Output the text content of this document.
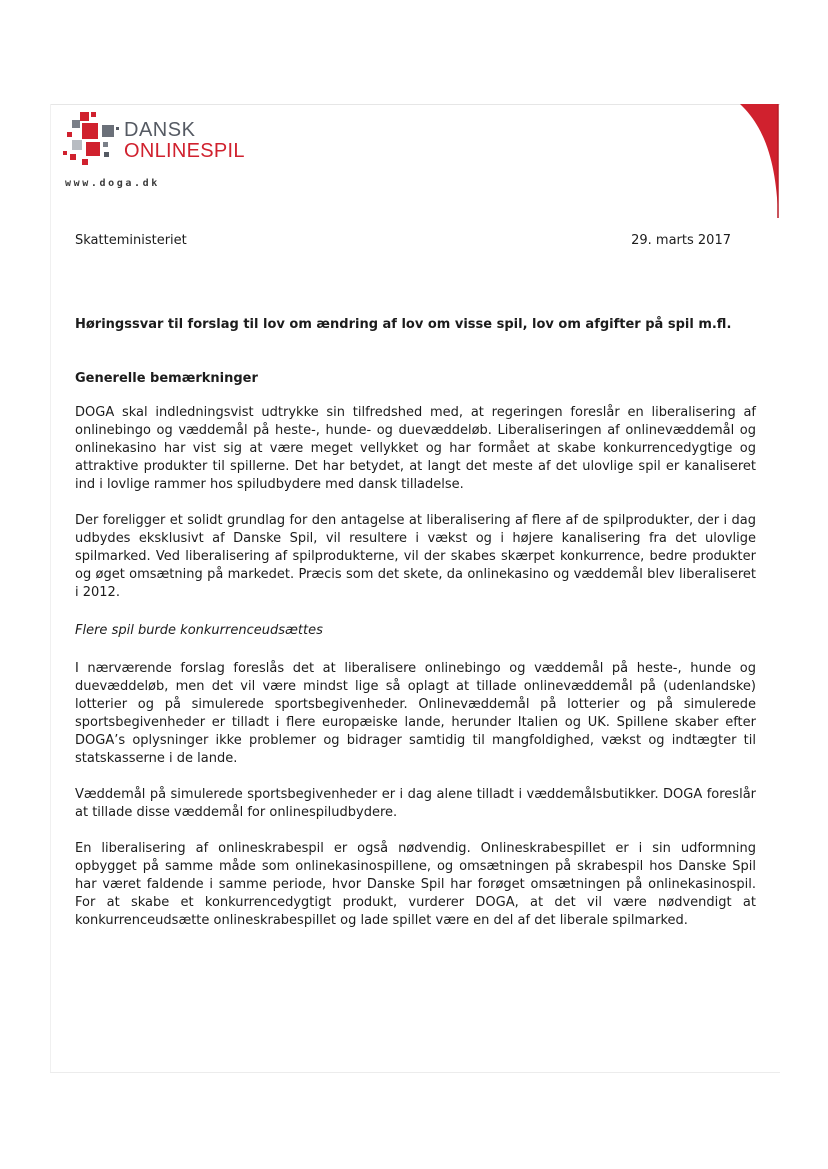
DANSK
ONLINESPIL
www.doga.dk
Skatteministeriet	29. marts 2017

Høringssvar til forslag til lov om ændring af lov om visse spil, lov om afgifter på spil m.fl.

Generelle bemærkninger

DOGA skal indledningsvist udtrykke sin tilfredshed med, at regeringen foreslår en liberalisering af onlinebingo og væddemål på heste-, hunde- og duevæddeløb. Liberaliseringen af onlinevæddemål og onlinekasino har vist sig at være meget vellykket og har formået at skabe konkurrencedygtige og attraktive produkter til spillerne. Det har betydet, at langt det meste af det ulovlige spil er kanaliseret ind i lovlige rammer hos spiludbydere med dansk tilladelse.

Der foreligger et solidt grundlag for den antagelse at liberalisering af flere af de spilprodukter, der i dag udbydes eksklusivt af Danske Spil, vil resultere i vækst og i højere kanalisering fra det ulovlige spilmarked. Ved liberalisering af spilprodukterne, vil der skabes skærpet konkurrence, bedre produkter og øget omsætning på markedet. Præcis som det skete, da onlinekasino og væddemål blev liberaliseret i 2012.

Flere spil burde konkurrenceudsættes

I nærværende forslag foreslås det at liberalisere onlinebingo og væddemål på heste-, hunde og duevæddeløb, men det vil være mindst lige så oplagt at tillade onlinevæddemål på (udenlandske) lotterier og på simulerede sportsbegivenheder. Onlinevæddemål på lotterier og på simulerede sportsbegivenheder er tilladt i flere europæiske lande, herunder Italien og UK. Spillene skaber efter DOGA’s oplysninger ikke problemer og bidrager samtidig til mangfoldighed, vækst og indtægter til statskasserne i de lande.

Væddemål på simulerede sportsbegivenheder er i dag alene tilladt i væddemålsbutikker. DOGA foreslår at tillade disse væddemål for onlinespiludbydere.

En liberalisering af onlineskrabespil er også nødvendig. Onlineskrabespillet er i sin udformning opbygget på samme måde som onlinekasinospillene, og omsætningen på skrabespil hos Danske Spil har været faldende i samme periode, hvor Danske Spil har forøget omsætningen på onlinekasinospil. For at skabe et konkurrencedygtigt produkt, vurderer DOGA, at det vil være nødvendigt at konkurrenceudsætte onlineskrabespillet og lade spillet være en del af det liberale spilmarked.
